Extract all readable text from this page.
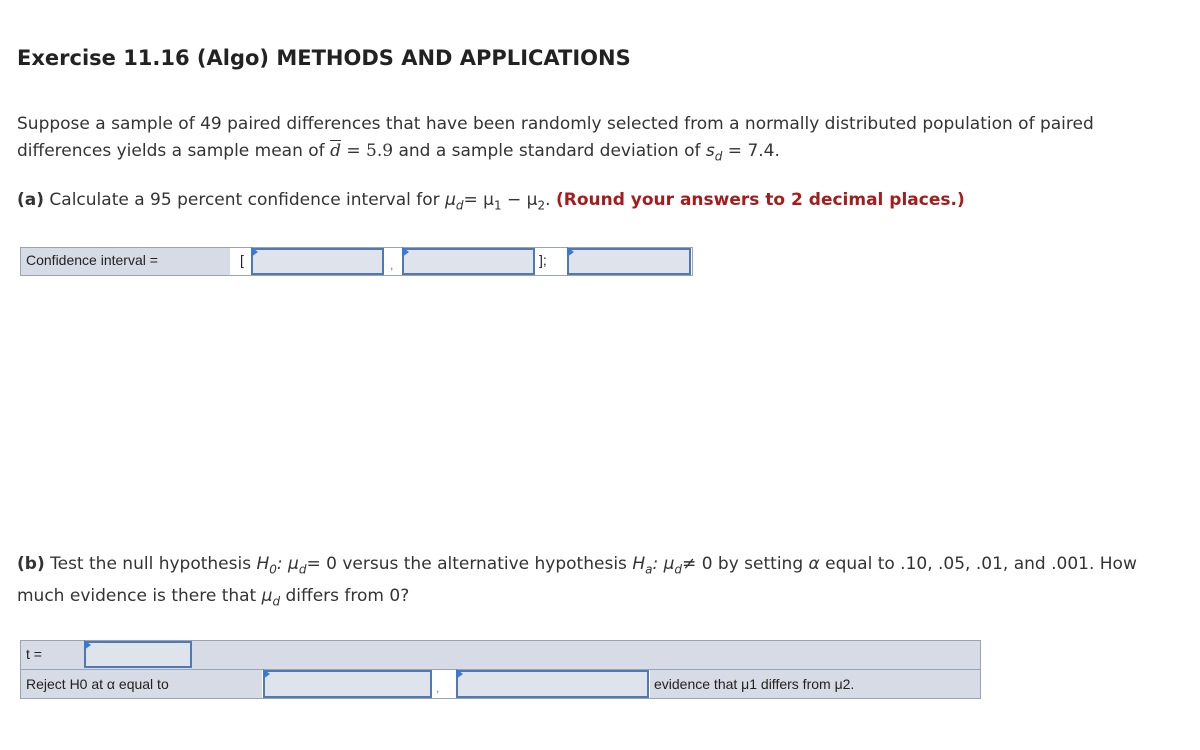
Exercise 11.16 (Algo) METHODS AND APPLICATIONS
Suppose a sample of 49 paired differences that have been randomly selected from a normally distributed population of paired
differences yields a sample mean of $\overline{d} = 5.9$ and a sample standard deviation of $s_d = 7.4$.
(a) Calculate a 95 percent confidence interval for $\mu_d= \mu_1 - \mu_2$. (Round your answers to 2 decimal places.)
Confidence interval =	[	,	];
(b) Test the null hypothesis $H_0$: $\mu_d= 0$ versus the alternative hypothesis $H_a$: $\mu_d\ne 0$ by setting α equal to .10, .05, .01, and .001. How
much evidence is there that $\mu_d$ differs from 0?
t =
Reject H0 at α equal to	,	evidence that μ1 differs from μ2.
